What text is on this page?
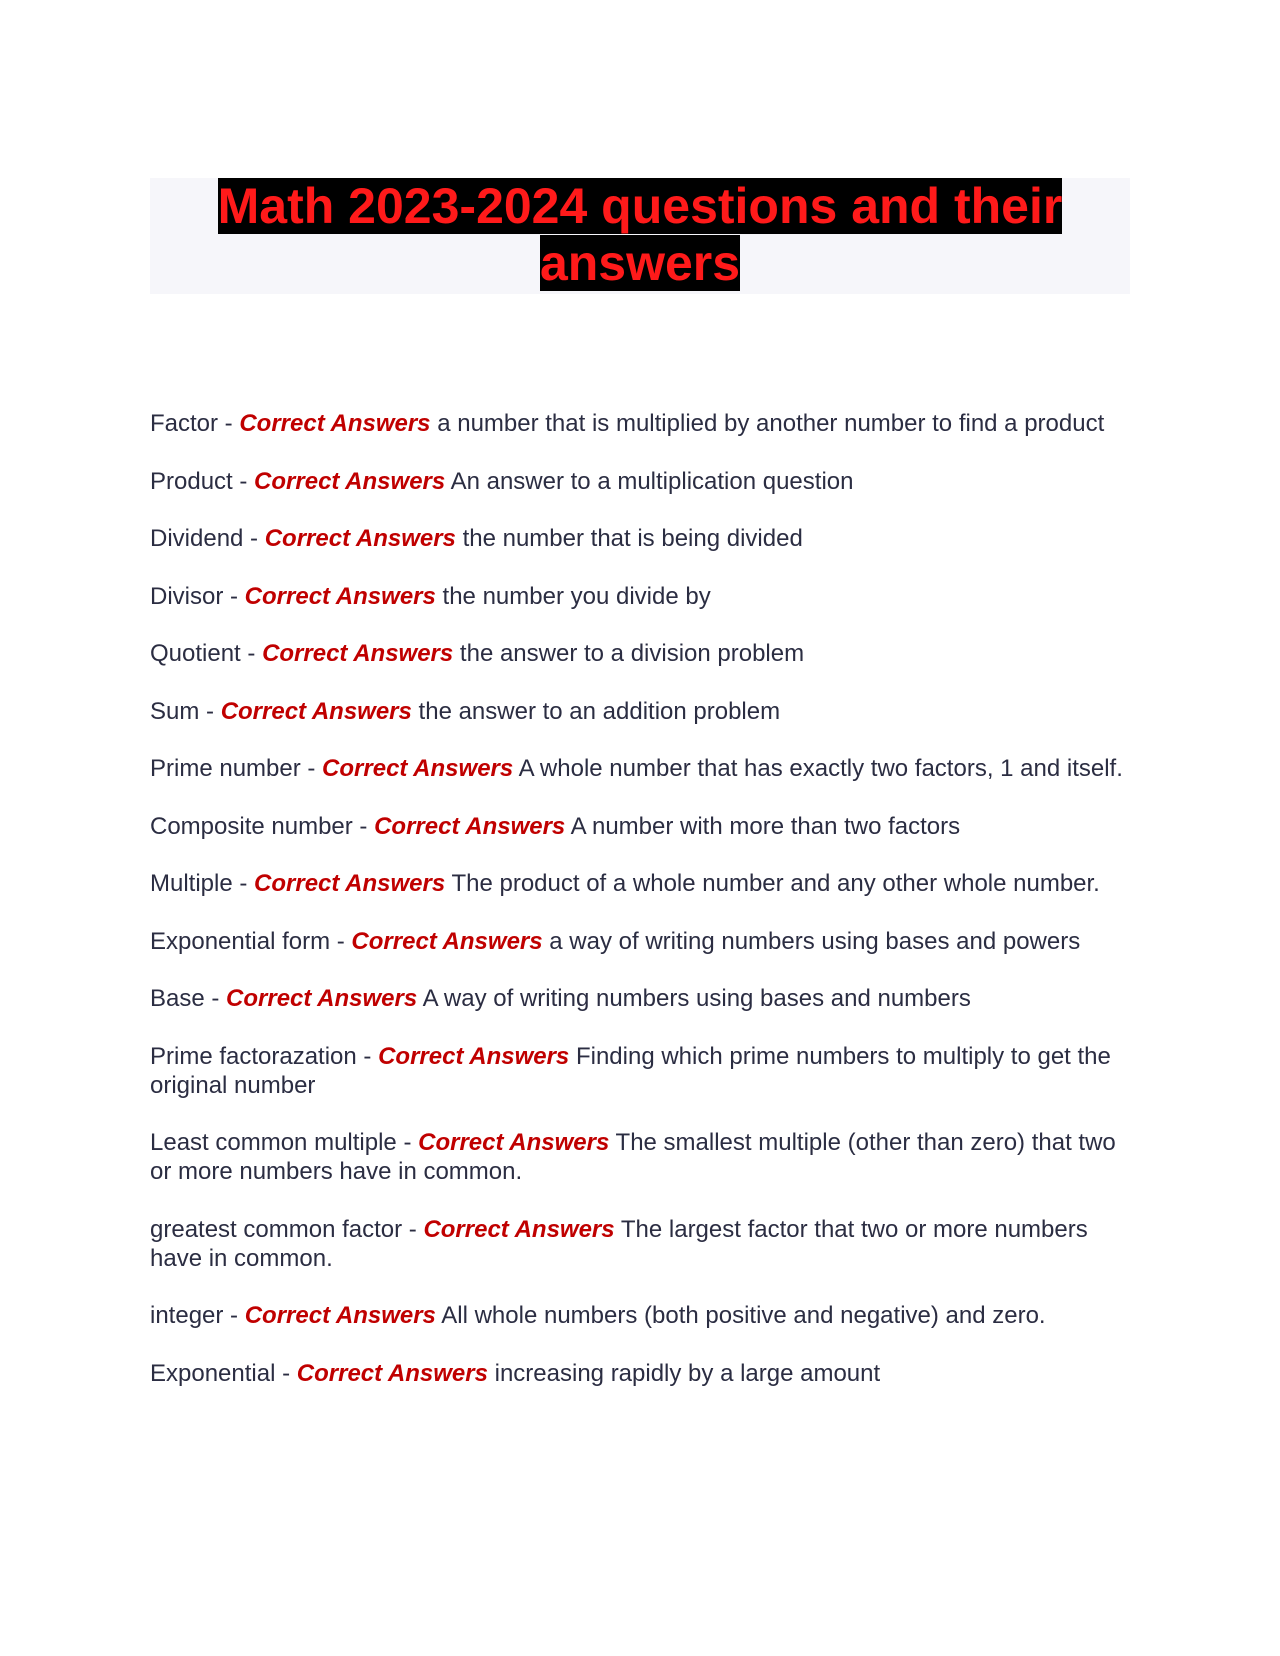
Math 2023-2024 questions and their answers

Factor - Correct Answers a number that is multiplied by another number to find a product

Product - Correct Answers An answer to a multiplication question

Dividend - Correct Answers the number that is being divided

Divisor - Correct Answers the number you divide by

Quotient - Correct Answers the answer to a division problem

Sum - Correct Answers the answer to an addition problem

Prime number - Correct Answers A whole number that has exactly two factors, 1 and itself.

Composite number - Correct Answers A number with more than two factors

Multiple - Correct Answers The product of a whole number and any other whole number.

Exponential form - Correct Answers a way of writing numbers using bases and powers

Base - Correct Answers A way of writing numbers using bases and numbers

Prime factorazation - Correct Answers Finding which prime numbers to multiply to get the original number

Least common multiple - Correct Answers The smallest multiple (other than zero) that two or more numbers have in common.

greatest common factor - Correct Answers The largest factor that two or more numbers have in common.

integer - Correct Answers All whole numbers (both positive and negative) and zero.

Exponential - Correct Answers increasing rapidly by a large amount
